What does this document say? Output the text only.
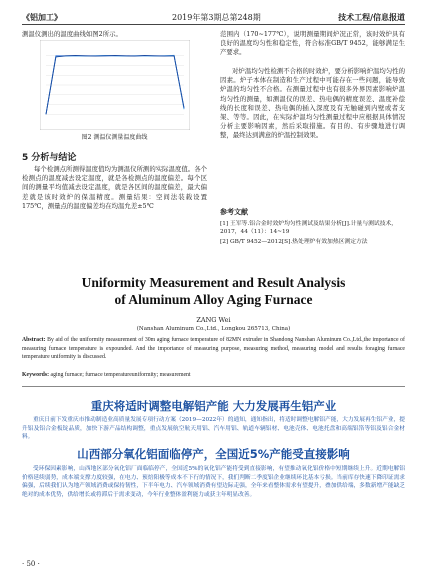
《铝加工》	2019年第3期总第248期	技术工程/信息报道

测温仪测出的温度曲线如图2所示。

图2 测温仪测量温度曲线
5 分析与结论

每个检测点所测得温度值均为测温仪所测的实际温度值。各个检测点的温度减去设定温度，就是各检测点的温度偏差。每个区间的测量平均值减去设定温度，就是各区间的温度偏差，最大偏差就是该时效炉的保温精度。测量结果：空间法装载设置175℃，测量点的温度偏差均在均温允差±5℃

范围内（170~177℃），说明测量期间炉况正常，该时效炉具有良好的温度均匀性和稳定性，符合标准GB/T 9452，能够满足生产要求。

对炉温均匀性检测不合格的时效炉，要分析影响炉温均匀性的因素。炉子本体在制造和生产过程中可能存在一些问题，能导致炉温的均匀性不合格。在测量过程中也有很多外界因素影响炉温均匀性的测量，如测温仪的误差、热电偶的精度误差、温度补偿线的长度和误差、热电偶的插入深度及有无触碰到内壁或者支架、等等。因此，在实际炉温均匀性测量过程中应根据具体情况分析主要影响因素，然后采取措施。有目的、有步骤地进行调整，最终达到满意的炉温控制效果。

参考文献

[1] 王军等.铝合金时效炉均匀性测试及结果分析[J].计量与测试技术，2017，44（11）：14~19

[2] GB/T 9452—2012[S].热处理炉有效加热区测定方法

Uniformity Measurement and Result Analysis
of Aluminum Alloy Aging Furnace
ZANG Wei
(Nanshan Aluminum Co.,Ltd., Longkou 265713, China)

Abstract: By aid of the uniformity measurement of 30m aging furnace temperature of 82MN extruder in Shandong Nanshan Aluminum Co.,Ltd.,the importance of measuring furnace temperature is expounded. And the importance of measuring purpose, measuring method, measuring model and results foraging furnace temperature uniformity is discussed.

Keywords: aging furnace; furnace temperatureuniformity; measurement

重庆将适时调整电解铝产能 大力发展再生铝产业

重庆日前下发重庆市推动制造业高质量发展专项行动方案（2019—2022年）的通知，通知指出，将适时调整电解铝产能，大力发展再生铝产业，提升铝及铝合金板锭品质，加快下游产品结构调整，重点发展航空航天用铝、汽车用铝、轨道车辆铝材、电池壳体、电池托盘和高端铝箔等铝及铝合金材料。

山西部分氧化铝面临停产，全国近5%产能受直接影响

受环保因素影响，山西地区部分氧化铝厂面临临停产，全国近5%的氧化铝产能将受到直接影响，有望推动氧化铝价格中短期继续上升。近期电解铝价格延续弱势，成本端支撑力度较强，在电力、预焙阳极等成本不下行的情况下，我们判断二季度铝企业继续环比基本亏损。当前库存快速下降印证需求偏强，后续我们认为地产领域消费或保持韧性，下半年电力、汽车领域消费有望边际走强，全年来看整体需求有望提升，叠加供给端，多数新增产能缺乏绝对的成本优势，供给增长或将滞后于需求变动，今年行业整体盈利能力或获主年明显改善。

· 50 ·
